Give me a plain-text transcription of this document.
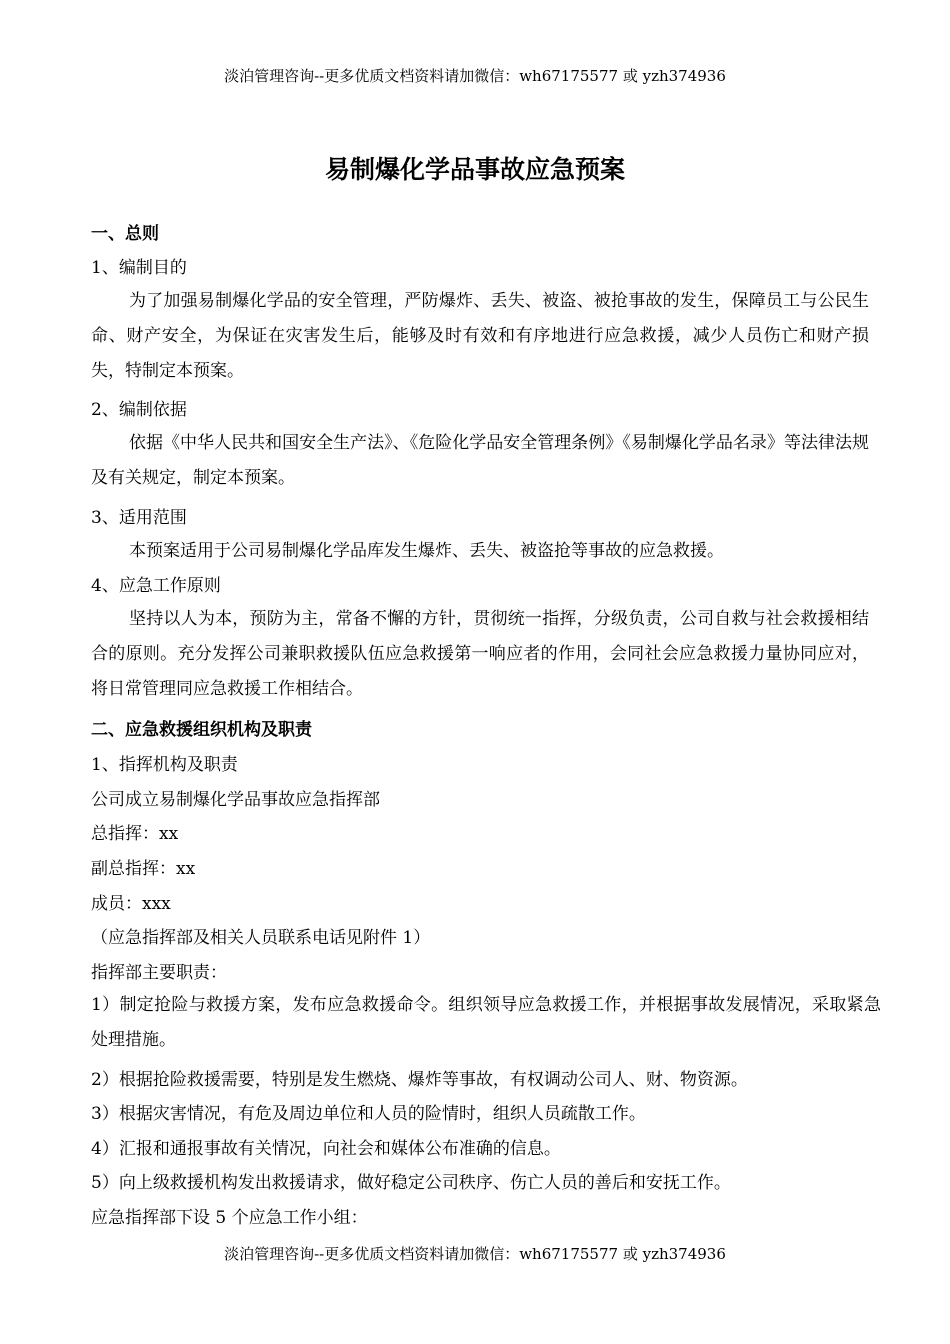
淡泊管理咨询--更多优质文档资料请加微信：wh67175577 或 yzh374936
易制爆化学品事故应急预案
一、总则
1、编制目的
为了加强易制爆化学品的安全管理，严防爆炸、丢失、被盗、被抢事故的发生，保障员工与公民生命、财产安全，为保证在灾害发生后，能够及时有效和有序地进行应急救援，减少人员伤亡和财产损失，特制定本预案。
2、编制依据
依据《中华人民共和国安全生产法》、《危险化学品安全管理条例》《易制爆化学品名录》等法律法规及有关规定，制定本预案。
3、适用范围
本预案适用于公司易制爆化学品库发生爆炸、丢失、被盗抢等事故的应急救援。
4、应急工作原则
坚持以人为本，预防为主，常备不懈的方针，贯彻统一指挥，分级负责，公司自救与社会救援相结合的原则。充分发挥公司兼职救援队伍应急救援第一响应者的作用，会同社会应急救援力量协同应对，将日常管理同应急救援工作相结合。
二、应急救援组织机构及职责
1、指挥机构及职责
公司成立易制爆化学品事故应急指挥部
总指挥：xx
副总指挥：xx
成员：xxx
（应急指挥部及相关人员联系电话见附件 1）
指挥部主要职责：
1）制定抢险与救援方案，发布应急救援命令。组织领导应急救援工作，并根据事故发展情况，采取紧急处理措施。
2）根据抢险救援需要，特别是发生燃烧、爆炸等事故，有权调动公司人、财、物资源。
3）根据灾害情况，有危及周边单位和人员的险情时，组织人员疏散工作。
4）汇报和通报事故有关情况，向社会和媒体公布准确的信息。
5）向上级救援机构发出救援请求，做好稳定公司秩序、伤亡人员的善后和安抚工作。
应急指挥部下设 5 个应急工作小组：
淡泊管理咨询--更多优质文档资料请加微信：wh67175577 或 yzh374936
